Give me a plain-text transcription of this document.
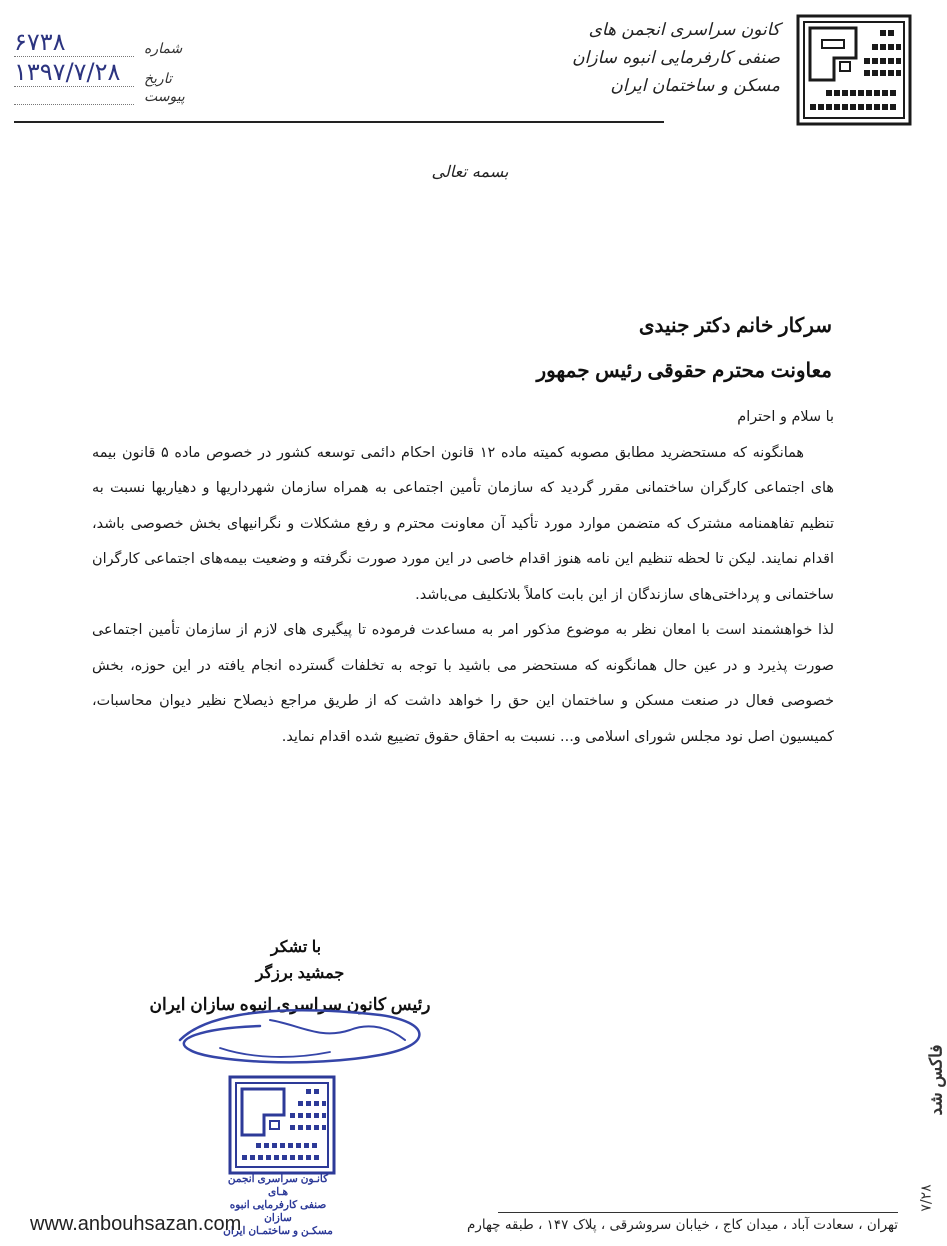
۶۷۳۸	شماره
۱۳۹۷/۷/۲۸	تاریخ
پیوست
کانون سراسری انجمن های
صنفی کارفرمایی انبوه سازان
مسکن و ساختمان ایران
بسمه تعالی
سرکار خانم دکتر جنیدی
معاونت محترم حقوقی رئیس جمهور

با سلام و احترام

همانگونه که مستحضرید مطابق مصوبه کمیته ماده ۱۲ قانون احکام دائمی توسعه کشور در خصوص ماده ۵ قانون بیمه های اجتماعی کارگران ساختمانی مقرر گردید که سازمان تأمین اجتماعی به همراه سازمان شهرداریها و دهیاریها نسبت به تنظیم تفاهمنامه مشترک که متضمن موارد مورد تأکید آن معاونت محترم و رفع مشکلات و نگرانیهای بخش خصوصی باشد، اقدام نمایند. لیکن تا لحظه تنظیم این نامه هنوز اقدام خاصی در این مورد صورت نگرفته و وضعیت بیمه‌های اجتماعی کارگران ساختمانی و پرداختی‌های سازندگان از این بابت کاملاً بلاتکلیف می‌باشد.

لذا خواهشمند است با امعان نظر به موضوع مذکور امر به مساعدت فرموده تا پیگیری های لازم از سازمان تأمین اجتماعی صورت پذیرد و در عین حال همانگونه که مستحضر می باشید با توجه به تخلفات گسترده انجام یافته در این حوزه، بخش خصوصی فعال در صنعت مسکن و ساختمان این حق را خواهد داشت که از طریق مراجع ذیصلاح نظیر دیوان محاسبات، کمیسیون اصل نود مجلس شورای اسلامی و... نسبت به احقاق حقوق تضییع شده اقدام نماید.

با تشکر
جمشید برزگر
رئیس کانون سراسری انبوه سازان ایران
کانـون سراسری انجمن هـای
صنفی کارفرمایی انبوه سازان
مسکـن و ساختمـان ایران
فاکس شد
۷/۲۸
www.anbouhsazan.com	تهران ، سعادت آباد ، میدان کاج ، خیابان سروشرقی ، پلاک ۱۴۷ ، طبقه چهارم
